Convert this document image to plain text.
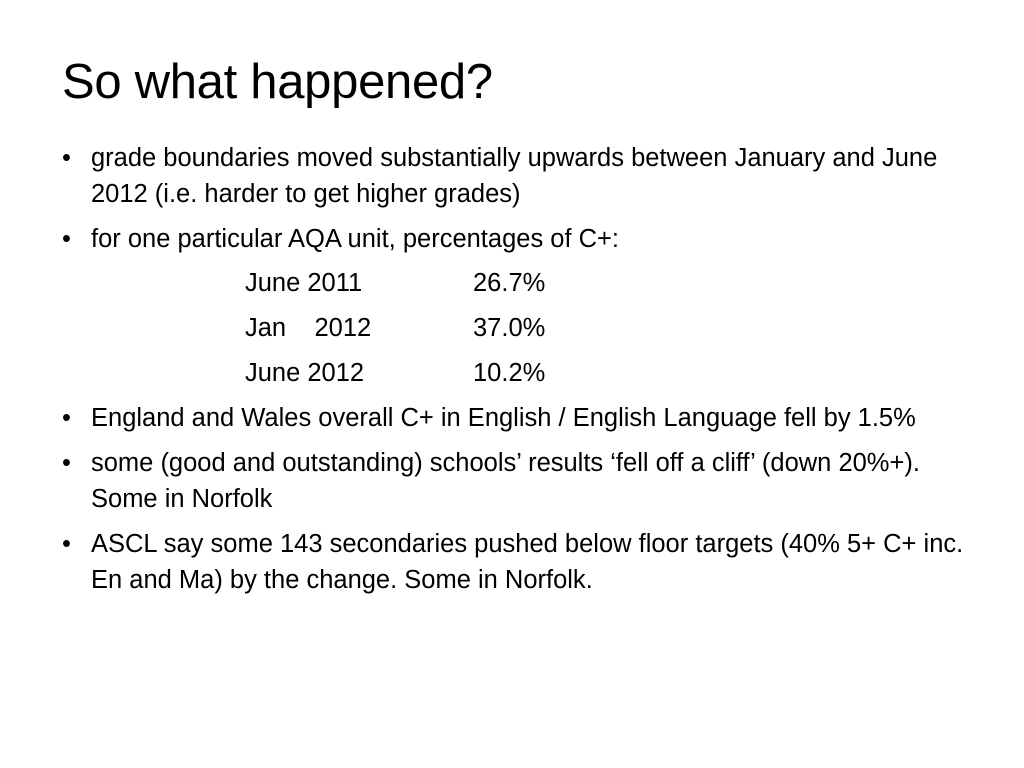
So what happened?
• grade boundaries moved substantially upwards between January and June 2012 (i.e. harder to get higher grades)
• for one particular AQA unit, percentages of C+:
June 2011	26.7%
Jan    2012	37.0%
June 2012	10.2%
• England and Wales overall C+ in English / English Language fell by 1.5%
• some (good and outstanding) schools’ results ‘fell off a cliff’ (down 20%+). Some in Norfolk
• ASCL say some 143 secondaries pushed below floor targets (40% 5+ C+ inc. En and Ma) by the change. Some in Norfolk.
